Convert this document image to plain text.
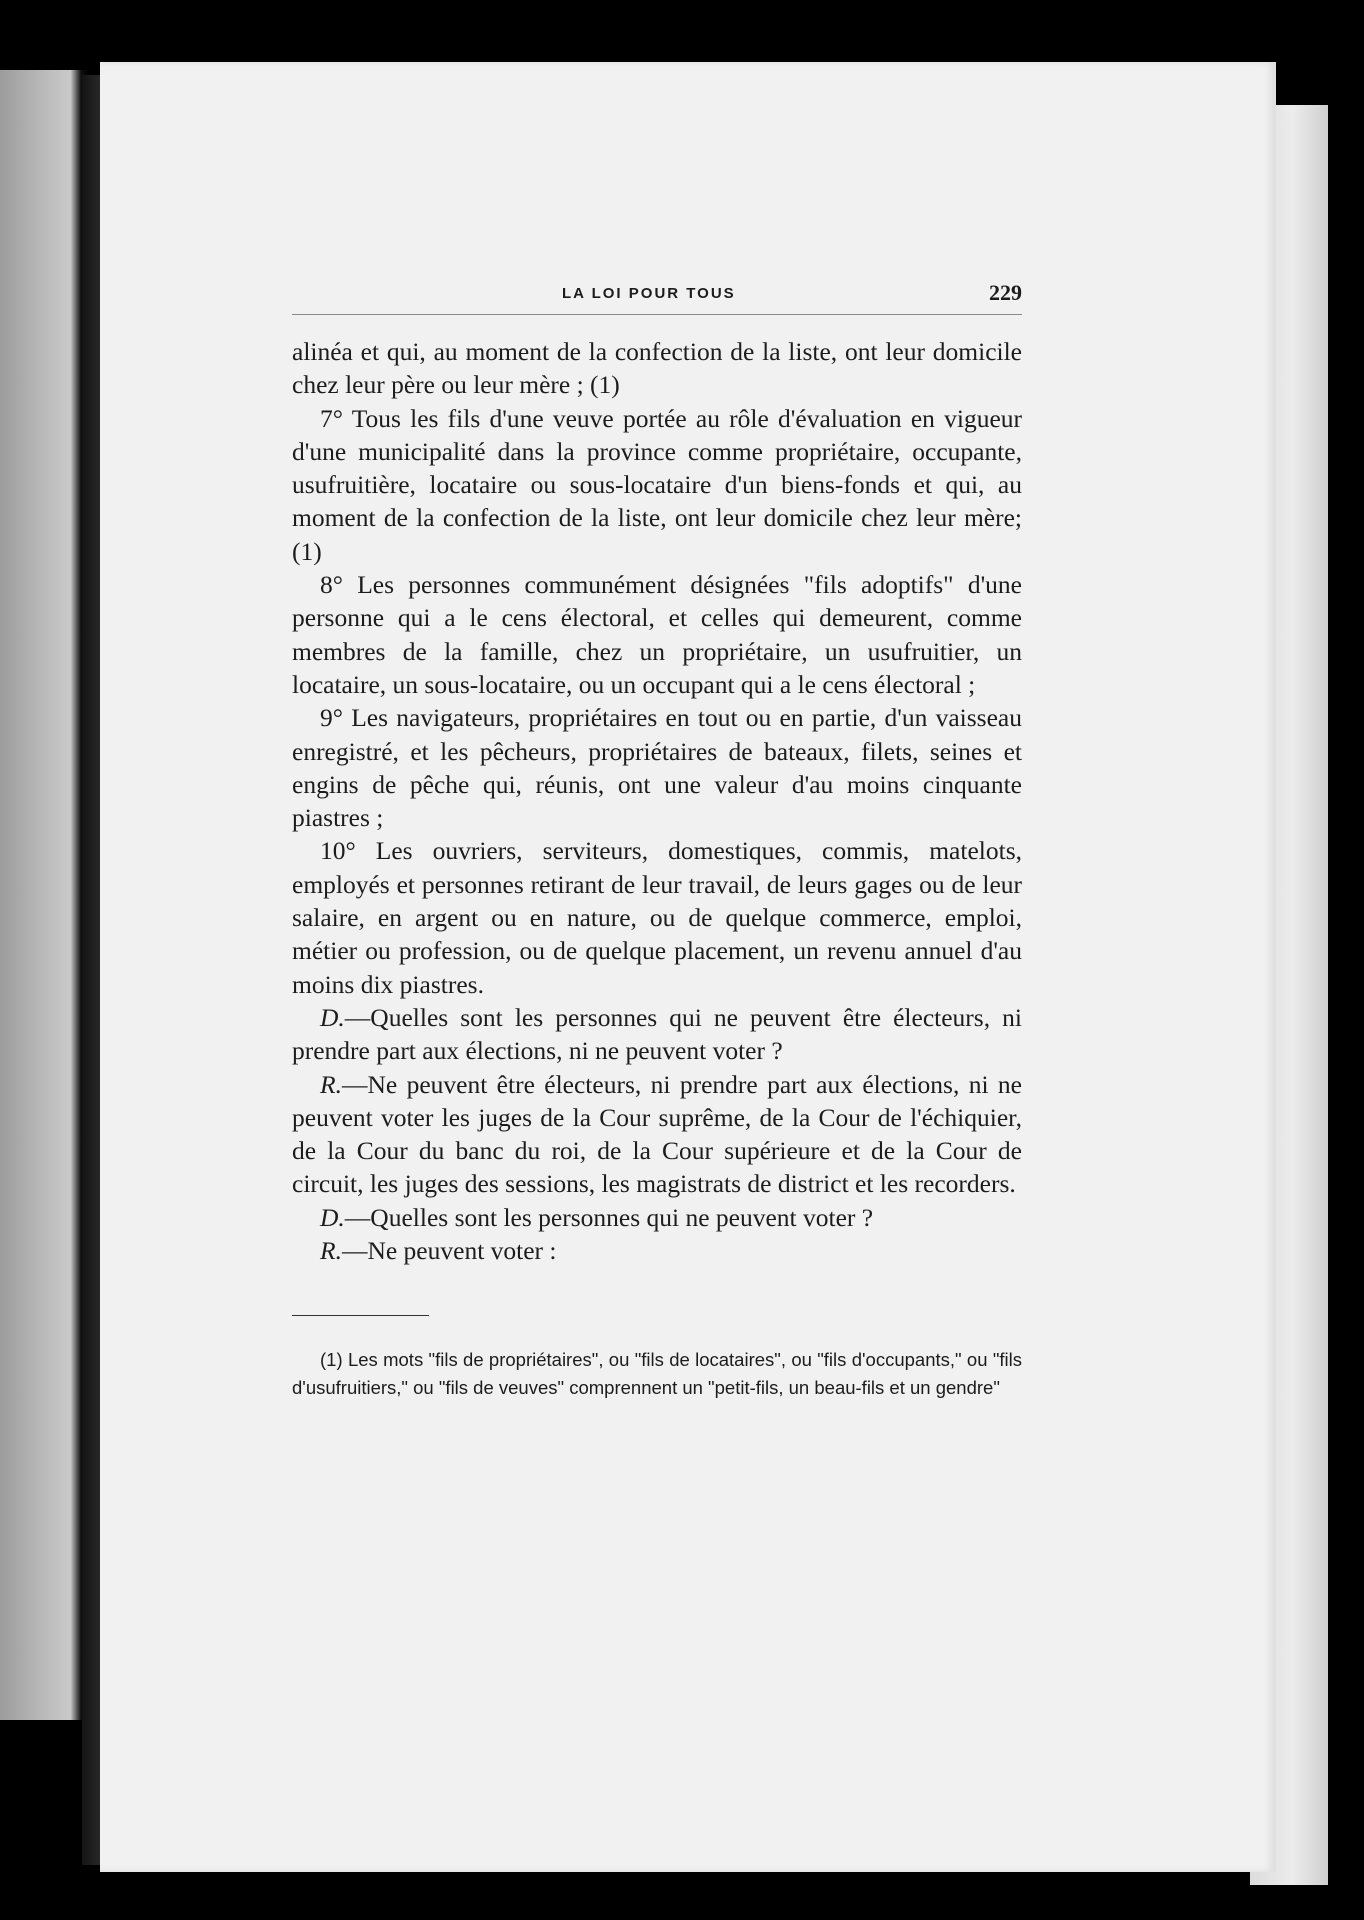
LA LOI POUR TOUS	229

alinéa et qui, au moment de la confection de la liste, ont leur domicile chez leur père ou leur mère ; (1)

7° Tous les fils d'une veuve portée au rôle d'évaluation en vigueur d'une municipalité dans la province comme propriétaire, occupante, usufruitière, locataire ou sous-locataire d'un biens-fonds et qui, au moment de la confection de la liste, ont leur domicile chez leur mère; (1)

8° Les personnes communément désignées "fils adoptifs" d'une personne qui a le cens électoral, et celles qui demeurent, comme membres de la famille, chez un propriétaire, un usufruitier, un locataire, un sous-locataire, ou un occupant qui a le cens électoral ;

9° Les navigateurs, propriétaires en tout ou en partie, d'un vaisseau enregistré, et les pêcheurs, propriétaires de bateaux, filets, seines et engins de pêche qui, réunis, ont une valeur d'au moins cinquante piastres ;

10° Les ouvriers, serviteurs, domestiques, commis, matelots, employés et personnes retirant de leur travail, de leurs gages ou de leur salaire, en argent ou en nature, ou de quelque commerce, emploi, métier ou profession, ou de quelque placement, un revenu annuel d'au moins dix piastres.

D.—Quelles sont les personnes qui ne peuvent être électeurs, ni prendre part aux élections, ni ne peuvent voter ?

R.—Ne peuvent être électeurs, ni prendre part aux élections, ni ne peuvent voter les juges de la Cour suprême, de la Cour de l'échiquier, de la Cour du banc du roi, de la Cour supérieure et de la Cour de circuit, les juges des sessions, les magistrats de district et les recorders.

D.—Quelles sont les personnes qui ne peuvent voter ?

R.—Ne peuvent voter :

(1) Les mots "fils de propriétaires", ou "fils de locataires", ou "fils d'occupants," ou "fils d'usufruitiers," ou "fils de veuves" comprennent un "petit-fils, un beau-fils et un gendre"
